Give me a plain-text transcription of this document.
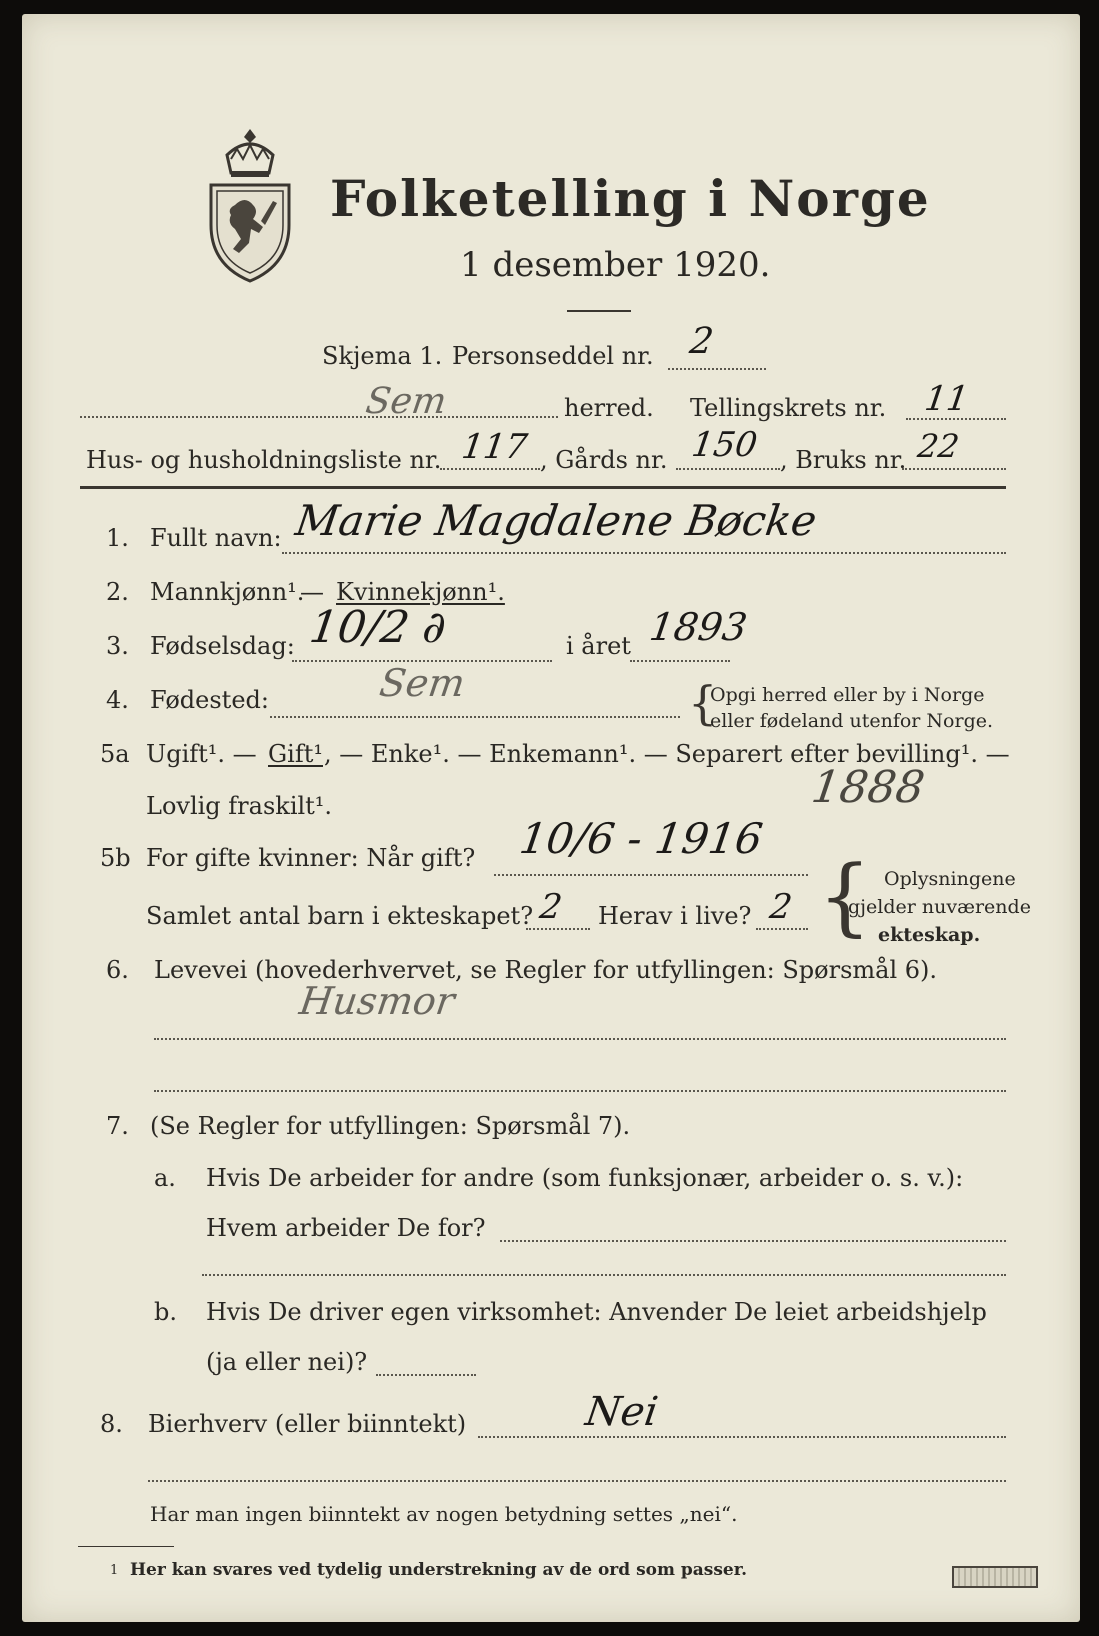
Folketelling i Norge
1 desember 1920.
Skjema 1. Personseddel nr. 2
Sem	herred. Tellingskrets nr. 11
Hus- og husholdningsliste nr. 117 , Gårds nr. 150 , Bruks nr. 22
1. Fullt navn: Marie Magdalene Bøcke
2. Mannkjønn¹.
— Kvinnekjønn¹.
3. Fødselsdag: 10/2 ∂	i året 1893
4. Fødested:	Sem	{
Opgi herred eller by i Norge
eller fødeland utenfor Norge.
5a Ugift¹. — Gift¹ , — Enke¹. — Enkemann¹. — Separert efter bevilling¹. —
Lovlig fraskilt¹.	1888
5b For gifte kvinner: Når gift? 10/6 - 1916
Samlet antal barn i ekteskapet? 2 Herav i live? 2 { Oplysningene
gjelder nuværende
ekteskap.
6. Levevei (hovederhvervet, se Regler for utfyllingen: Spørsmål 6).
Husmor
7. (Se Regler for utfyllingen: Spørsmål 7).
a. Hvis De arbeider for andre (som funksjonær, arbeider o. s. v.):
Hvem arbeider De for?
b. Hvis De driver egen virksomhet: Anvender De leiet arbeidshjelp
(ja eller nei)?
8. Bierhverv (eller biinntekt)	Nei
Har man ingen biinntekt av nogen betydning settes „nei“.
1 Her kan svares ved tydelig understrekning av de ord som passer.
